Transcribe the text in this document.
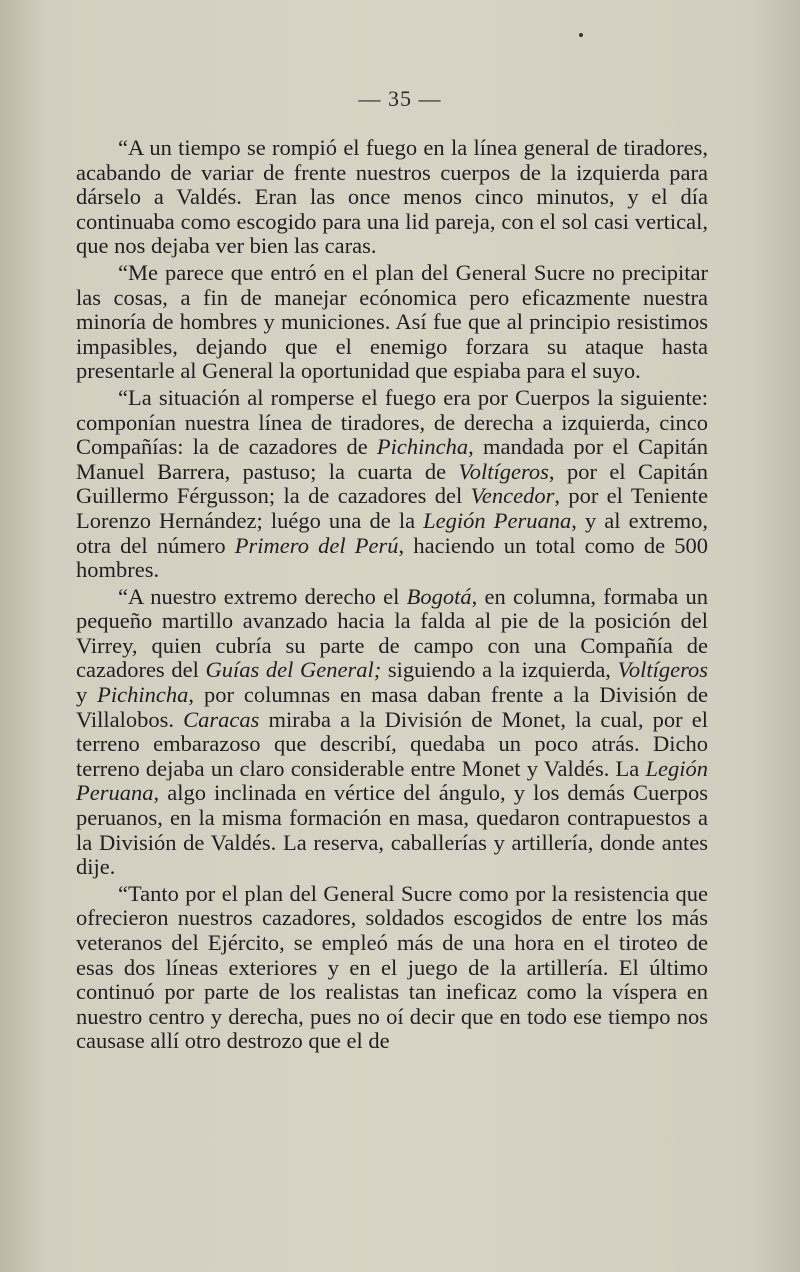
— 35 —

“A un tiempo se rompió el fuego en la línea general de tiradores, acabando de variar de frente nuestros cuerpos de la izquierda para dárselo a Valdés. Eran las once menos cinco minutos, y el día continuaba como escogido para una lid pareja, con el sol casi vertical, que nos dejaba ver bien las caras.

“Me parece que entró en el plan del General Sucre no precipitar las cosas, a fin de manejar ecónomica pero eficazmente nuestra minoría de hombres y municiones. Así fue que al principio resistimos impasibles, dejando que el enemigo forzara su ataque hasta presentarle al General la oportunidad que espiaba para el suyo.

“La situación al romperse el fuego era por Cuerpos la siguiente: componían nuestra línea de tiradores, de derecha a izquierda, cinco Compañías: la de cazadores de Pichincha, mandada por el Capitán Manuel Barrera, pastuso; la cuarta de Voltígeros, por el Capitán Guillermo Férgusson; la de cazadores del Vencedor, por el Teniente Lorenzo Hernández; luégo una de la Legión Peruana, y al extremo, otra del número Primero del Perú, haciendo un total como de 500 hombres.

“A nuestro extremo derecho el Bogotá, en columna, formaba un pequeño martillo avanzado hacia la falda al pie de la posición del Virrey, quien cubría su parte de campo con una Compañía de cazadores del Guías del General; siguiendo a la izquierda, Voltígeros y Pichincha, por columnas en masa daban frente a la División de Villalobos. Caracas miraba a la División de Monet, la cual, por el terreno embarazoso que describí, quedaba un poco atrás. Dicho terreno dejaba un claro considerable entre Monet y Valdés. La Legión Peruana, algo inclinada en vértice del ángulo, y los demás Cuerpos peruanos, en la misma formación en masa, quedaron contrapuestos a la División de Valdés. La reserva, caballerías y artillería, donde antes dije.

“Tanto por el plan del General Sucre como por la resistencia que ofrecieron nuestros cazadores, soldados escogidos de entre los más veteranos del Ejército, se empleó más de una hora en el tiroteo de esas dos líneas exteriores y en el juego de la artillería. El último continuó por parte de los realistas tan ineficaz como la víspera en nuestro centro y derecha, pues no oí decir que en todo ese tiempo nos causase allí otro destrozo que el de
